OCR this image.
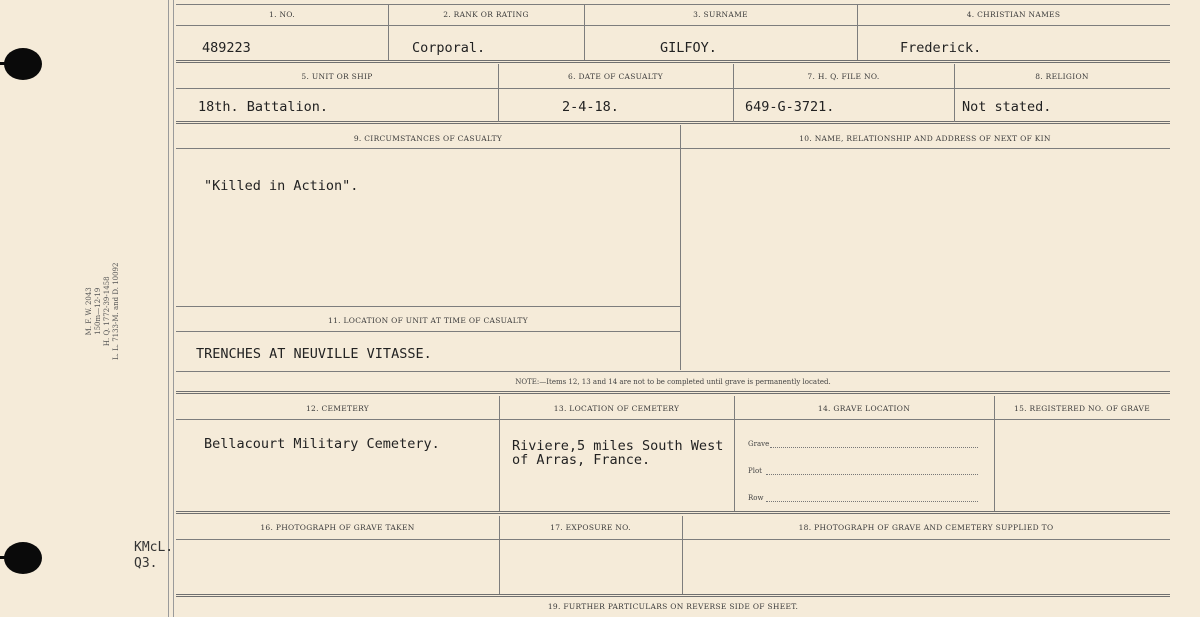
M. F. W. 2043 150m—12-19 H. Q. 1772-39-1458 L. L. 7133-M. and D. 10092
KMcL.
Q3.
1. NO.	2. RANK OR RATING	3. SURNAME	4. CHRISTIAN NAMES
489223	Corporal.	GILFOY.	Frederick.
5. UNIT OR SHIP	6. DATE OF CASUALTY	7. H. Q. FILE NO.	8. RELIGION
18th. Battalion.	2-4-18.	649-G-3721.	Not stated.
9. CIRCUMSTANCES OF CASUALTY	10. NAME, RELATIONSHIP AND ADDRESS OF NEXT OF KIN
"Killed in Action".
11. LOCATION OF UNIT AT TIME OF CASUALTY
TRENCHES AT NEUVILLE VITASSE.
NOTE:—Items 12, 13 and 14 are not to be completed until grave is permanently located.
12. CEMETERY	13. LOCATION OF CEMETERY	14. GRAVE LOCATION	15. REGISTERED NO. OF GRAVE
Bellacourt Military Cemetery.	Riviere,5 miles South West
of Arras, France.
Grave
Plot
Row
16. PHOTOGRAPH OF GRAVE TAKEN	17. EXPOSURE NO.	18. PHOTOGRAPH OF GRAVE AND CEMETERY SUPPLIED TO
19. FURTHER PARTICULARS ON REVERSE SIDE OF SHEET.
